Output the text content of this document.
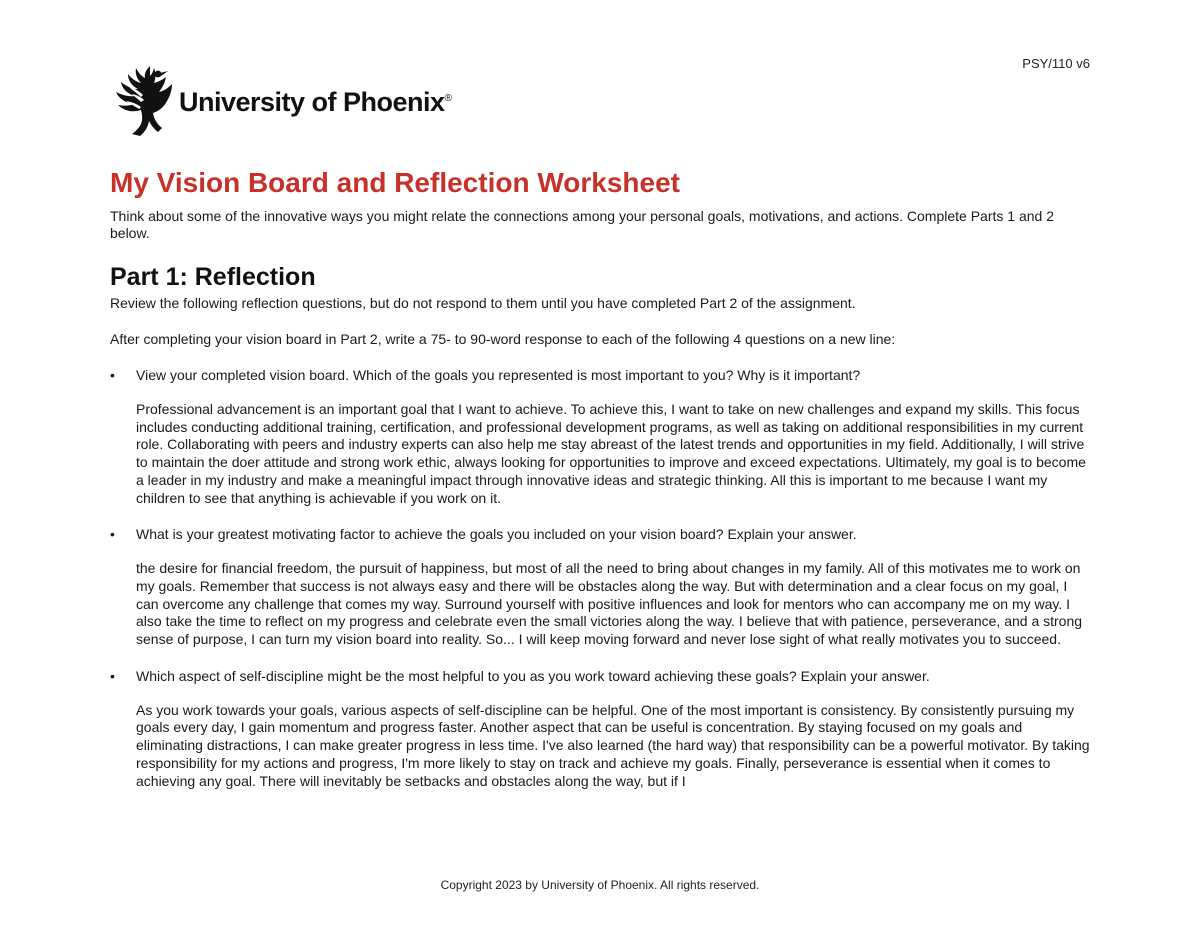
PSY/110 v6
University of Phoenix®
My Vision Board and Reflection Worksheet

Think about some of the innovative ways you might relate the connections among your personal goals, motivations, and actions. Complete Parts 1 and 2 below.

Part 1: Reflection

Review the following reflection questions, but do not respond to them until you have completed Part 2 of the assignment.

After completing your vision board in Part 2, write a 75- to 90-word response to each of the following 4 questions on a new line:

• View your completed vision board. Which of the goals you represented is most important to you? Why is it important?
Professional advancement is an important goal that I want to achieve. To achieve this, I want to take on new challenges and expand my skills. This focus includes conducting additional training, certification, and professional development programs, as well as taking on additional responsibilities in my current role. Collaborating with peers and industry experts can also help me stay abreast of the latest trends and opportunities in my field. Additionally, I will strive to maintain the doer attitude and strong work ethic, always looking for opportunities to improve and exceed expectations. Ultimately, my goal is to become a leader in my industry and make a meaningful impact through innovative ideas and strategic thinking. All this is important to me because I want my children to see that anything is achievable if you work on it.
• What is your greatest motivating factor to achieve the goals you included on your vision board? Explain your answer.
the desire for financial freedom, the pursuit of happiness, but most of all the need to bring about changes in my family. All of this motivates me to work on my goals. Remember that success is not always easy and there will be obstacles along the way. But with determination and a clear focus on my goal, I can overcome any challenge that comes my way. Surround yourself with positive influences and look for mentors who can accompany me on my way. I also take the time to reflect on my progress and celebrate even the small victories along the way. I believe that with patience, perseverance, and a strong sense of purpose, I can turn my vision board into reality. So... I will keep moving forward and never lose sight of what really motivates you to succeed.
• Which aspect of self-discipline might be the most helpful to you as you work toward achieving these goals? Explain your answer.
As you work towards your goals, various aspects of self-discipline can be helpful. One of the most important is consistency. By consistently pursuing my goals every day, I gain momentum and progress faster. Another aspect that can be useful is concentration. By staying focused on my goals and eliminating distractions, I can make greater progress in less time. I've also learned (the hard way) that responsibility can be a powerful motivator. By taking responsibility for my actions and progress, I'm more likely to stay on track and achieve my goals. Finally, perseverance is essential when it comes to achieving any goal. There will inevitably be setbacks and obstacles along the way, but if I
Copyright 2023 by University of Phoenix. All rights reserved.
